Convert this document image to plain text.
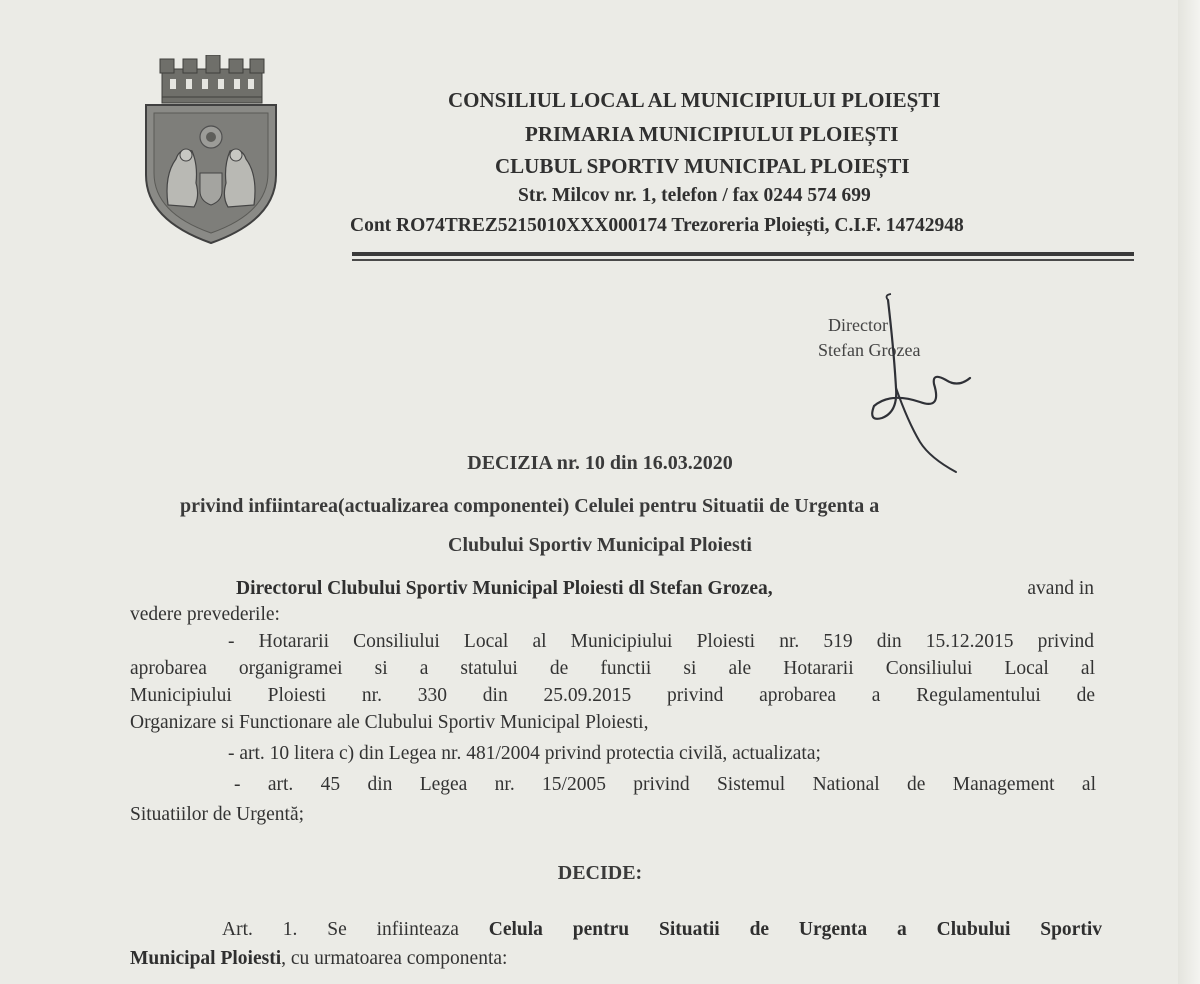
CONSILIUL LOCAL AL MUNICIPIULUI PLOIEȘTI
PRIMARIA MUNICIPIULUI PLOIEȘTI
CLUBUL SPORTIV MUNICIPAL PLOIEȘTI
Str. Milcov nr. 1, telefon / fax 0244 574 699
Cont RO74TREZ5215010XXX000174 Trezoreria Ploiești, C.I.F. 14742948
Director
Stefan Grozea
DECIZIA nr. 10 din 16.03.2020
privind infiintarea(actualizarea componentei) Celulei pentru Situatii de Urgenta a
Clubului Sportiv Municipal Ploiesti
Directorul Clubului Sportiv Municipal Ploiesti dl Stefan Grozea,	avand in
vedere prevederile:
- Hotararii Consiliului Local al Municipiului Ploiesti nr. 519 din 15.12.2015 privind
aprobarea organigramei si a statului de functii si ale Hotararii Consiliului Local al
Municipiului Ploiesti nr. 330 din 25.09.2015 privind aprobarea a Regulamentului de
Organizare si Functionare ale Clubului Sportiv Municipal Ploiesti,
- art. 10 litera c) din Legea nr. 481/2004 privind protectia civilă, actualizata;
- art. 45 din Legea nr. 15/2005 privind Sistemul National de Management al
Situatiilor de Urgentă;
DECIDE:
Art. 1. Se infiinteaza Celula pentru Situatii de Urgenta a Clubului Sportiv
Municipal Ploiesti, cu urmatoarea componenta:
